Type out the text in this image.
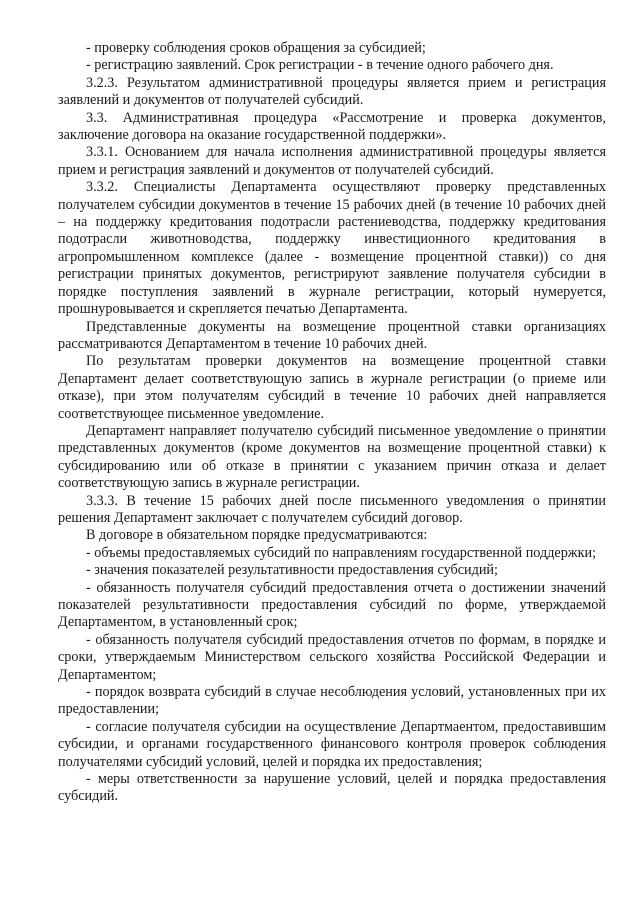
- проверку соблюдения сроков обращения за субсидией;

- регистрацию заявлений. Срок регистрации - в течение одного рабочего дня.

3.2.3. Результатом административной процедуры является прием и регистрация заявлений и документов от получателей субсидий.

3.3. Административная процедура «Рассмотрение и проверка документов, заключение договора на оказание государственной поддержки».

3.3.1. Основанием для начала исполнения административной процедуры является прием и регистрация заявлений и документов от получателей субсидий.

3.3.2. Специалисты Департамента осуществляют проверку представленных получателем субсидии документов в течение 15 рабочих дней (в течение 10 рабочих дней – на поддержку кредитования подотрасли растениеводства, поддержку кредитования подотрасли животноводства, поддержку инвестиционного кредитования в агропромышленном комплексе (далее - возмещение процентной ставки)) со дня регистрации принятых документов, регистрируют заявление получателя субсидии в порядке поступления заявлений в журнале регистрации, который нумеруется, прошнуровывается и скрепляется печатью Департамента.

Представленные документы на возмещение процентной ставки организациях рассматриваются Департаментом в течение 10 рабочих дней.

По результатам проверки документов на возмещение процентной ставки Департамент делает соответствующую запись в журнале регистрации (о приеме или отказе), при этом получателям субсидий в течение 10 рабочих дней направляется соответствующее письменное уведомление.

Департамент направляет получателю субсидий письменное уведомление о принятии представленных документов (кроме документов на возмещение процентной ставки) к субсидированию или об отказе в принятии с указанием причин отказа и делает соответствующую запись в журнале регистрации.

3.3.3. В течение 15 рабочих дней после письменного уведомления о принятии решения Департамент заключает с получателем субсидий договор.

В договоре в обязательном порядке предусматриваются:

- объемы предоставляемых субсидий по направлениям государственной поддержки;

- значения показателей результативности предоставления субсидий;

- обязанность получателя субсидий предоставления отчета о достижении значений показателей результативности предоставления субсидий по форме, утверждаемой Департаментом, в установленный срок;

- обязанность получателя субсидий предоставления отчетов по формам, в порядке и сроки, утверждаемым Министерством сельского хозяйства Российской Федерации и Департаментом;

- порядок возврата субсидий в случае несоблюдения условий, установленных при их предоставлении;

- согласие получателя субсидии на осуществление Департмаентом, предоставившим субсидии, и органами государственного финансового контроля проверок соблюдения получателями субсидий условий, целей и порядка их предоставления;

- меры ответственности за нарушение условий, целей и порядка предоставления субсидий.
